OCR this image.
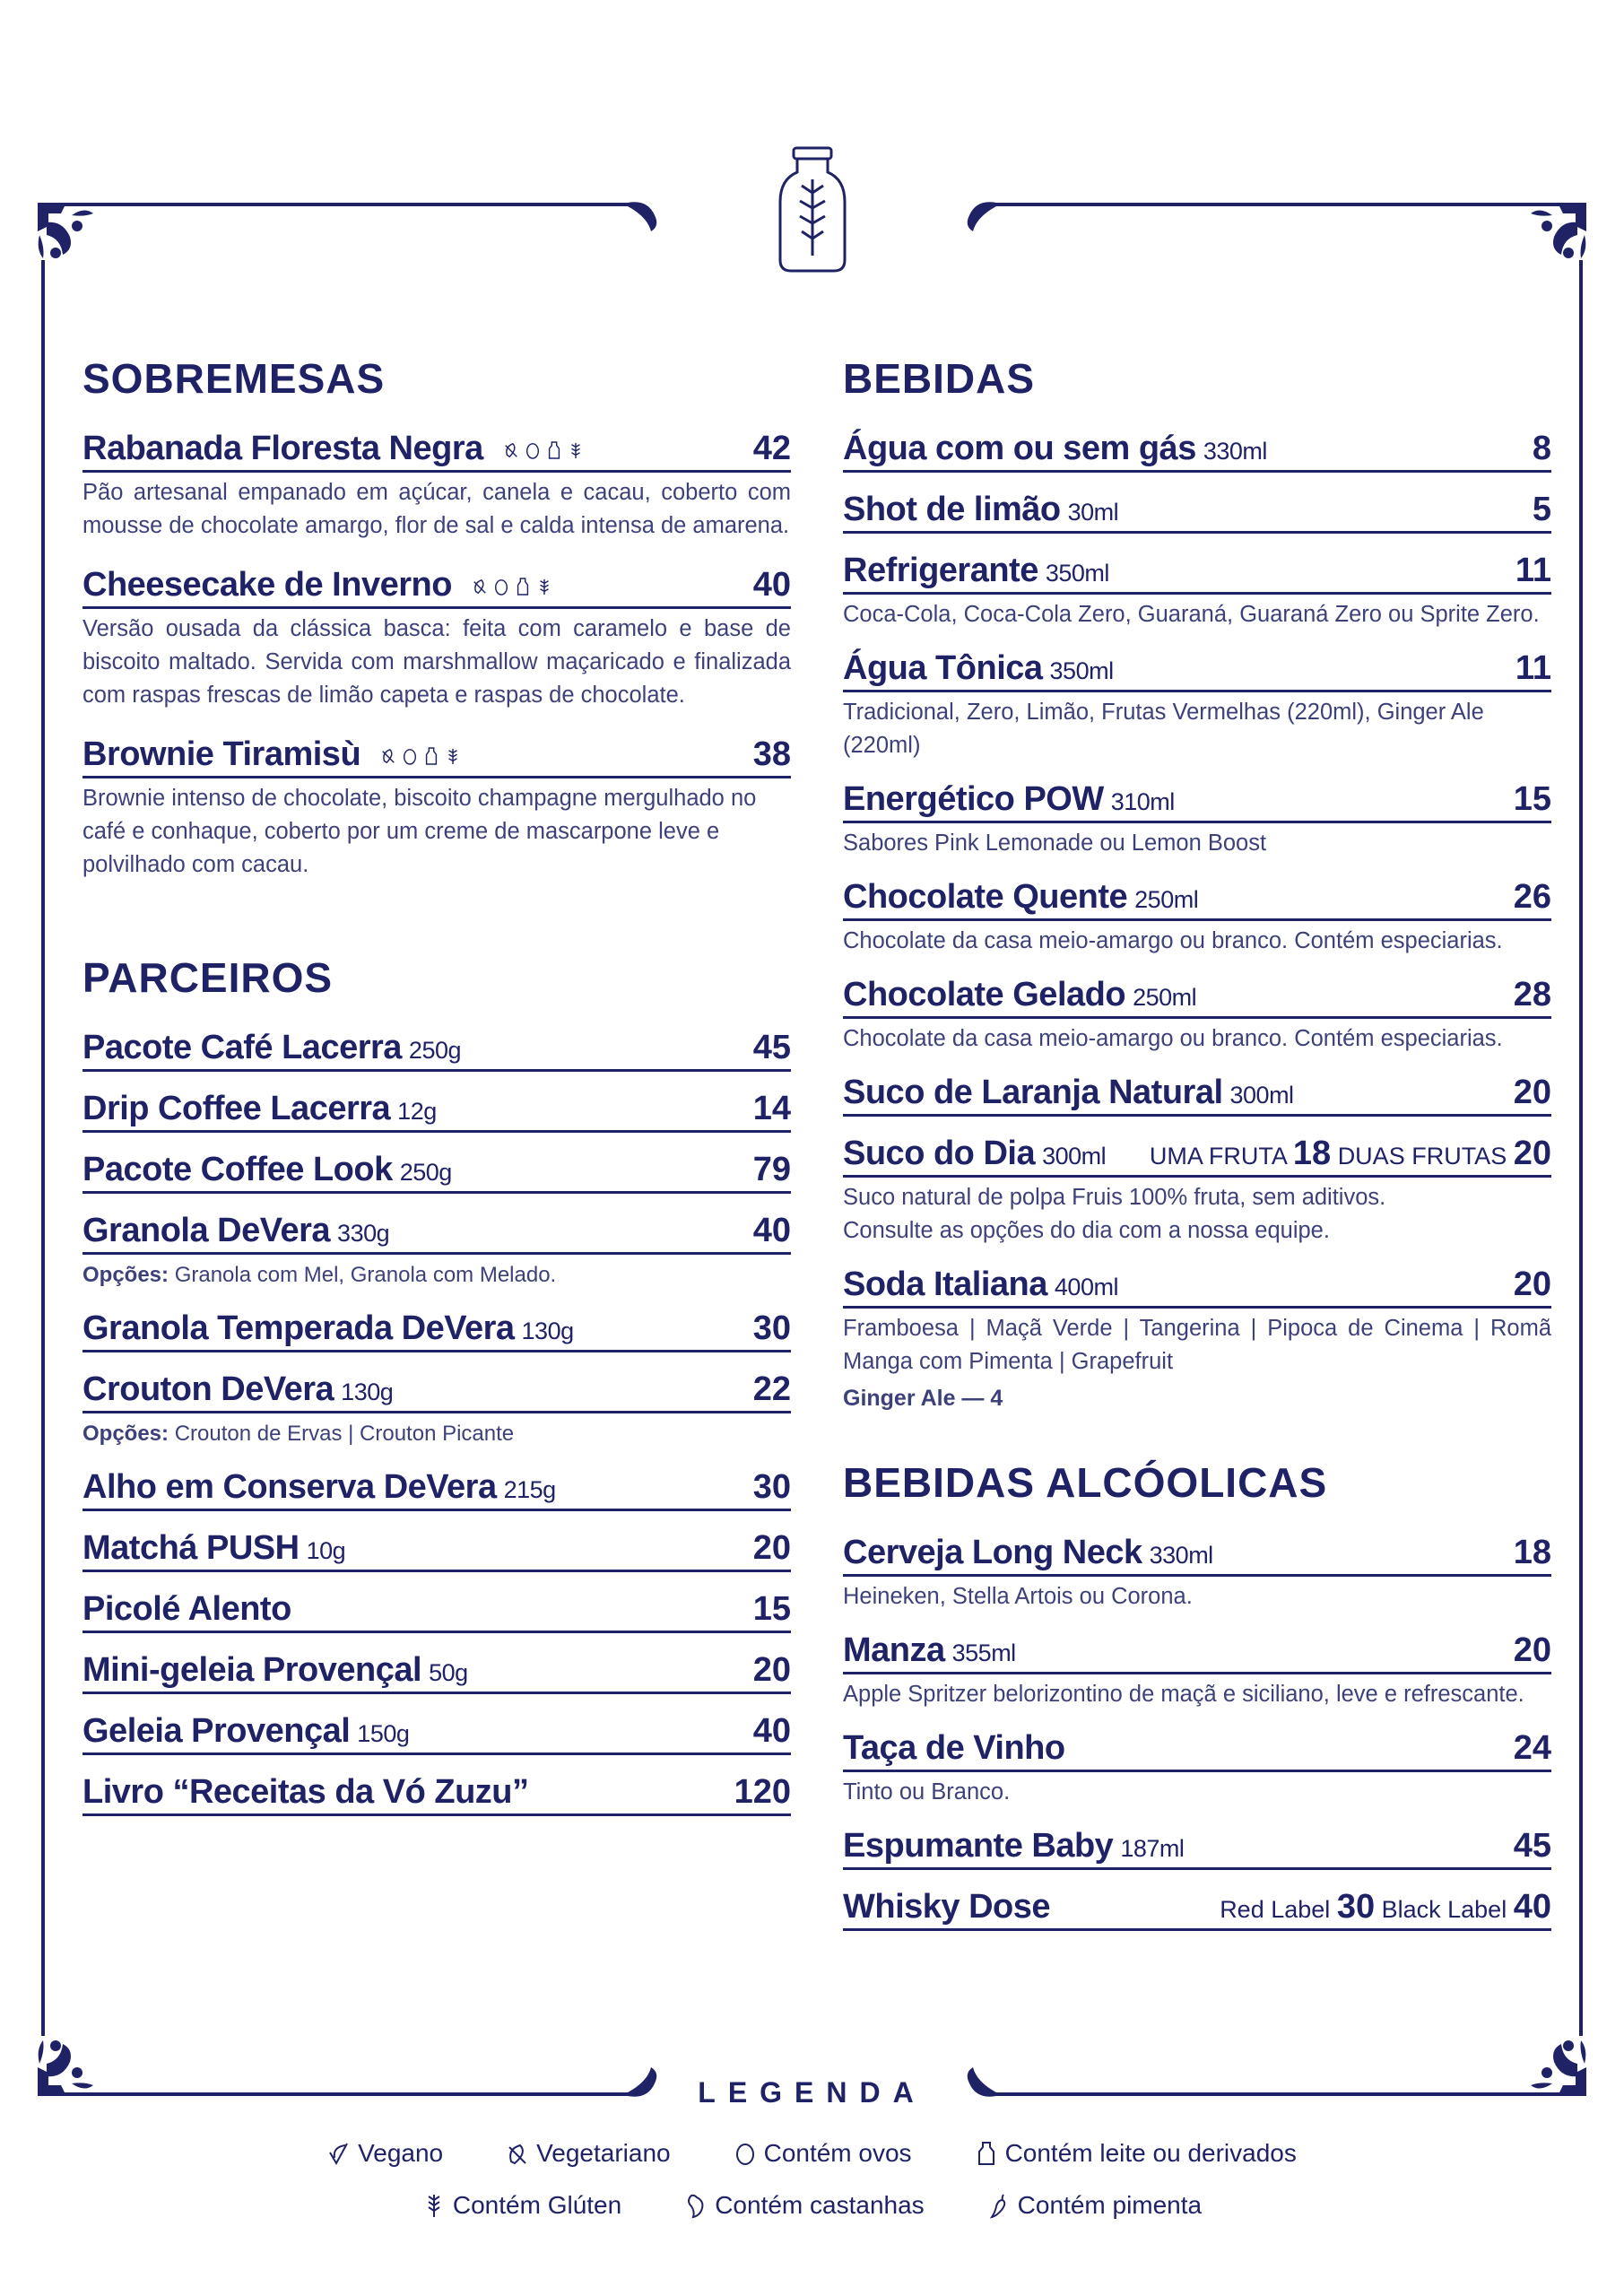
SOBREMESAS
Rabanada Floresta Negra	42
Pão artesanal empanado em açúcar, canela e cacau, coberto com mousse de chocolate amargo, flor de sal e calda intensa de amarena.
Cheesecake de Inverno	40
Versão ousada da clássica basca: feita com caramelo e base de biscoito maltado. Servida com marshmallow maçaricado e finalizada com raspas frescas de limão capeta e raspas de chocolate.
Brownie Tiramisù	38
Brownie intenso de chocolate, biscoito champagne mergulhado no café e conhaque, coberto por um creme de mascarpone leve e polvilhado com cacau.
PARCEIROS
Pacote Café Lacerra 250g	45
Drip Coffee Lacerra 12g	14
Pacote Coffee Look 250g	79
Granola DeVera 330g	40
Opções: Granola com Mel, Granola com Melado.
Granola Temperada DeVera 130g	30
Crouton DeVera 130g	22
Opções: Crouton de Ervas | Crouton Picante
Alho em Conserva DeVera 215g	30
Matchá PUSH 10g	20
Picolé Alento	15
Mini-geleia Provençal 50g	20
Geleia Provençal 150g	40
Livro “Receitas da Vó Zuzu”	120
BEBIDAS
Água com ou sem gás 330ml	8
Shot de limão 30ml	5
Refrigerante 350ml	11
Coca-Cola, Coca-Cola Zero, Guaraná, Guaraná Zero ou Sprite Zero.
Água Tônica 350ml	11
Tradicional, Zero, Limão, Frutas Vermelhas (220ml), Ginger Ale (220ml)
Energético POW 310ml	15
Sabores Pink Lemonade ou Lemon Boost
Chocolate Quente 250ml	26
Chocolate da casa meio-amargo ou branco. Contém especiarias.
Chocolate Gelado 250ml	28
Chocolate da casa meio-amargo ou branco. Contém especiarias.
Suco de Laranja Natural 300ml	20
Suco do Dia 300ml UMA FRUTA 18 DUAS FRUTAS 20
Suco natural de polpa Fruis 100% fruta, sem aditivos.
Consulte as opções do dia com a nossa equipe.
Soda Italiana 400ml	20
Framboesa | Maçã Verde | Tangerina | Pipoca de Cinema | Romã Manga com Pimenta | Grapefruit
Ginger Ale — 4
BEBIDAS ALCÓOLICAS
Cerveja Long Neck 330ml	18
Heineken, Stella Artois ou Corona.
Manza 355ml	20
Apple Spritzer belorizontino de maçã e siciliano, leve e refrescante.
Taça de Vinho	24
Tinto ou Branco.
Espumante Baby 187ml	45
Whisky Dose	Red Label 30 Black Label 40
LEGENDA
Vegano	Vegetariano	Contém ovos	Contém leite ou derivados
Contém Glúten	Contém castanhas	Contém pimenta
